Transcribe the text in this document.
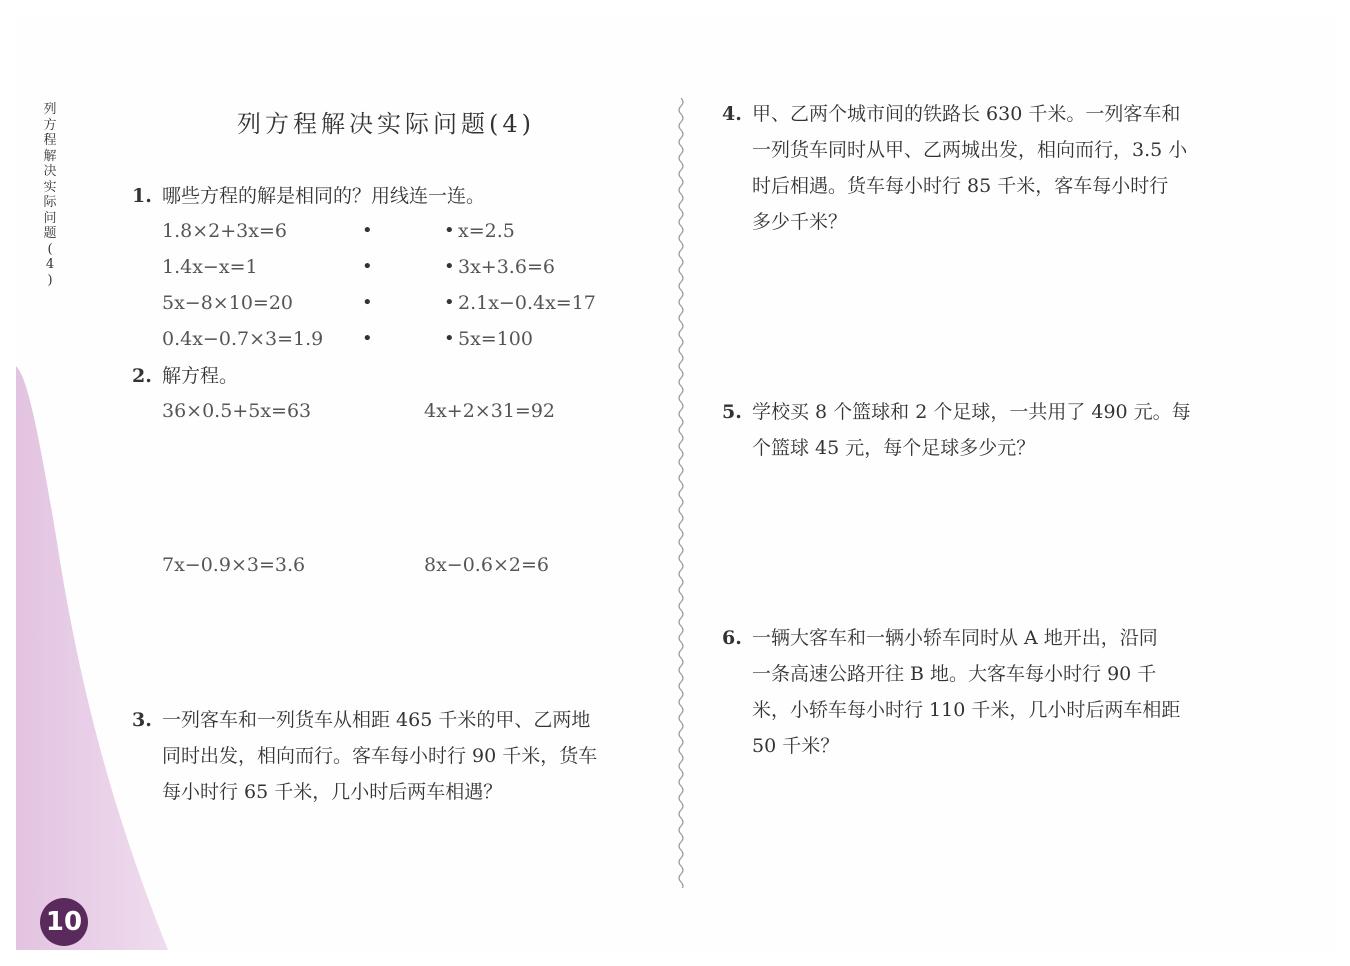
列
方
程
解
决
实
际
问
题
(
4
)
10
列方程解决实际问题(4)
1. 哪些方程的解是相同的？用线连一连。
1.8×2+3x=6
1.4x−x=1
5x−8×10=20
0.4x−0.7×3=1.9
•
•
•
•
•
•
•
•
x=2.5
3x+3.6=6
2.1x−0.4x=17
5x=100
2. 解方程。
36×0.5+5x=63	4x+2×31=92
7x−0.9×3=3.6	8x−0.6×2=6
3. 一列客车和一列货车从相距 465 千米的甲、乙两地
同时出发，相向而行。客车每小时行 90 千米，货车
每小时行 65 千米，几小时后两车相遇？
4. 甲、乙两个城市间的铁路长 630 千米。一列客车和
一列货车同时从甲、乙两城出发，相向而行，3.5 小
时后相遇。货车每小时行 85 千米，客车每小时行
多少千米？
5. 学校买 8 个篮球和 2 个足球，一共用了 490 元。每
个篮球 45 元，每个足球多少元？
6. 一辆大客车和一辆小轿车同时从 A 地开出，沿同
一条高速公路开往 B 地。大客车每小时行 90 千
米，小轿车每小时行 110 千米，几小时后两车相距
50 千米？
